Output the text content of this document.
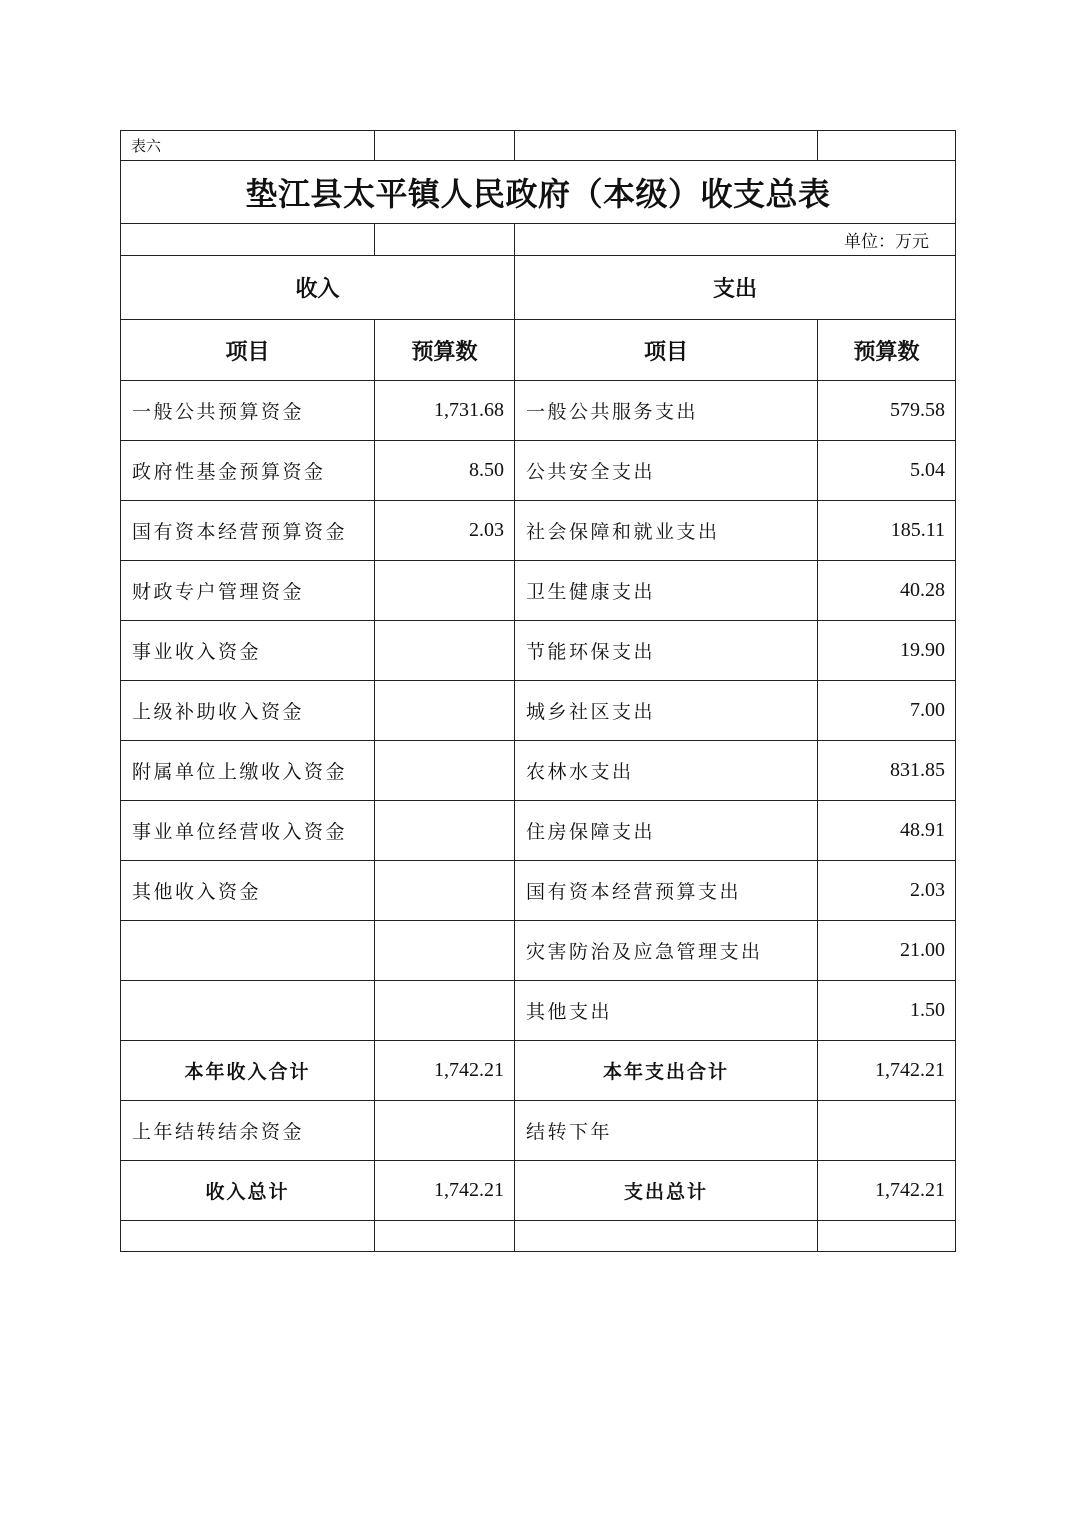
表六			
垫江县太平镇人民政府（本级）收支总表			
		单位：万元	
收入		支出	
项目	预算数	项目	预算数
一般公共预算资金	1,731.68	一般公共服务支出	579.58
政府性基金预算资金	8.50	公共安全支出	5.04
国有资本经营预算资金	2.03	社会保障和就业支出	185.11
财政专户管理资金		卫生健康支出	40.28
事业收入资金		节能环保支出	19.90
上级补助收入资金		城乡社区支出	7.00
附属单位上缴收入资金		农林水支出	831.85
事业单位经营收入资金		住房保障支出	48.91
其他收入资金		国有资本经营预算支出	2.03
		灾害防治及应急管理支出	21.00
		其他支出	1.50
本年收入合计	1,742.21	本年支出合计	1,742.21
上年结转结余资金		结转下年	
收入总计	1,742.21	支出总计	1,742.21
